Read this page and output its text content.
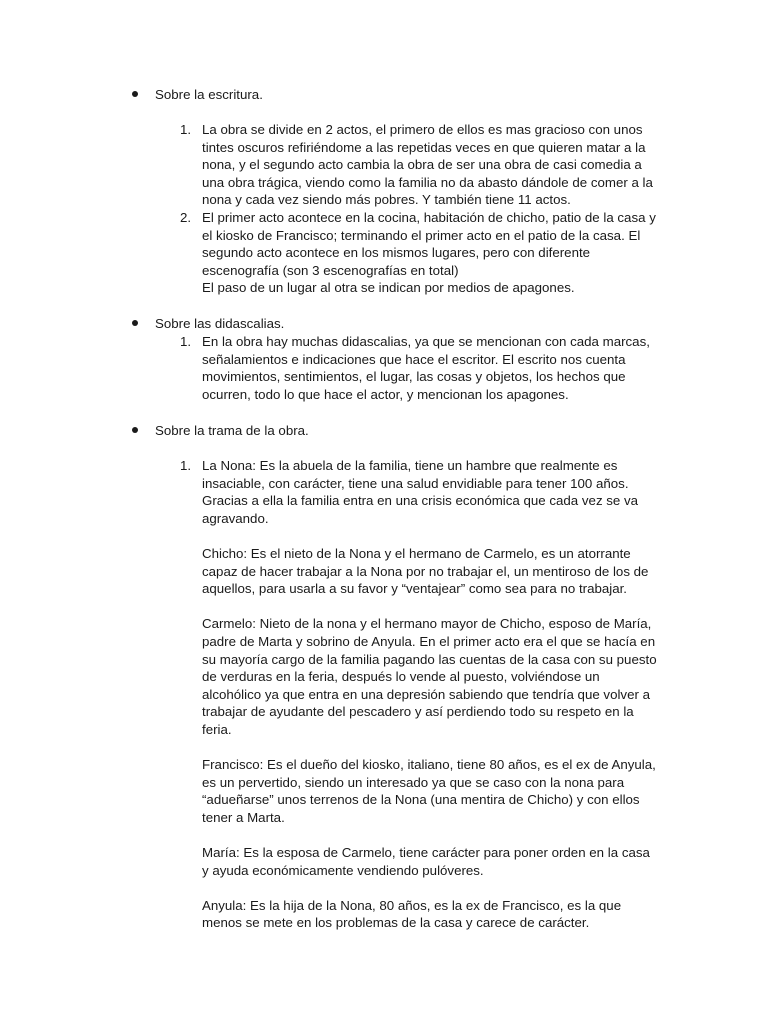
Sobre la escritura.
1. La obra se divide en 2 actos, el primero de ellos es mas gracioso con unos tintes oscuros refiriéndome a las repetidas veces en que quieren matar a la nona, y el segundo acto cambia la obra de ser una obra de casi comedia a una obra trágica, viendo como la familia no da abasto dándole de comer a la nona y cada vez siendo más pobres. Y también tiene 11 actos.

2. El primer acto acontece en la cocina, habitación de chicho, patio de la casa y el kiosko de Francisco; terminando el primer acto en el patio de la casa. El segundo acto acontece en los mismos lugares, pero con diferente escenografía (son 3 escenografías en total)

El paso de un lugar al otra se indican por medios de apagones.

Sobre las didascalias.
1. En la obra hay muchas didascalias, ya que se mencionan con cada marcas, señalamientos e indicaciones que hace el escritor. El escrito nos cuenta movimientos, sentimientos, el lugar, las cosas y objetos, los hechos que ocurren, todo lo que hace el actor, y mencionan los apagones.

Sobre la trama de la obra.
1. La Nona: Es la abuela de la familia, tiene un hambre que realmente es insaciable, con carácter, tiene una salud envidiable para tener 100 años. Gracias a ella la familia entra en una crisis económica que cada vez se va agravando.

Chicho: Es el nieto de la Nona y el hermano de Carmelo, es un atorrante capaz de hacer trabajar a la Nona por no trabajar el, un mentiroso de los de aquellos, para usarla a su favor y “ventajear” como sea para no trabajar.

Carmelo: Nieto de la nona y el hermano mayor de Chicho, esposo de María, padre de Marta y sobrino de Anyula. En el primer acto era el que se hacía en su mayoría cargo de la familia pagando las cuentas de la casa con su puesto de verduras en la feria, después lo vende al puesto, volviéndose un alcohólico ya que entra en una depresión sabiendo que tendría que volver a trabajar de ayudante del pescadero y así perdiendo todo su respeto en la feria.

Francisco: Es el dueño del kiosko, italiano, tiene 80 años, es el ex de Anyula, es un pervertido, siendo un interesado ya que se caso con la nona para “adueñarse” unos terrenos de la Nona (una mentira de Chicho) y con ellos tener a Marta.

María: Es la esposa de Carmelo, tiene carácter para poner orden en la casa y ayuda económicamente vendiendo pulóveres.

Anyula: Es la hija de la Nona, 80 años, es la ex de Francisco, es la que menos se mete en los problemas de la casa y carece de carácter.
